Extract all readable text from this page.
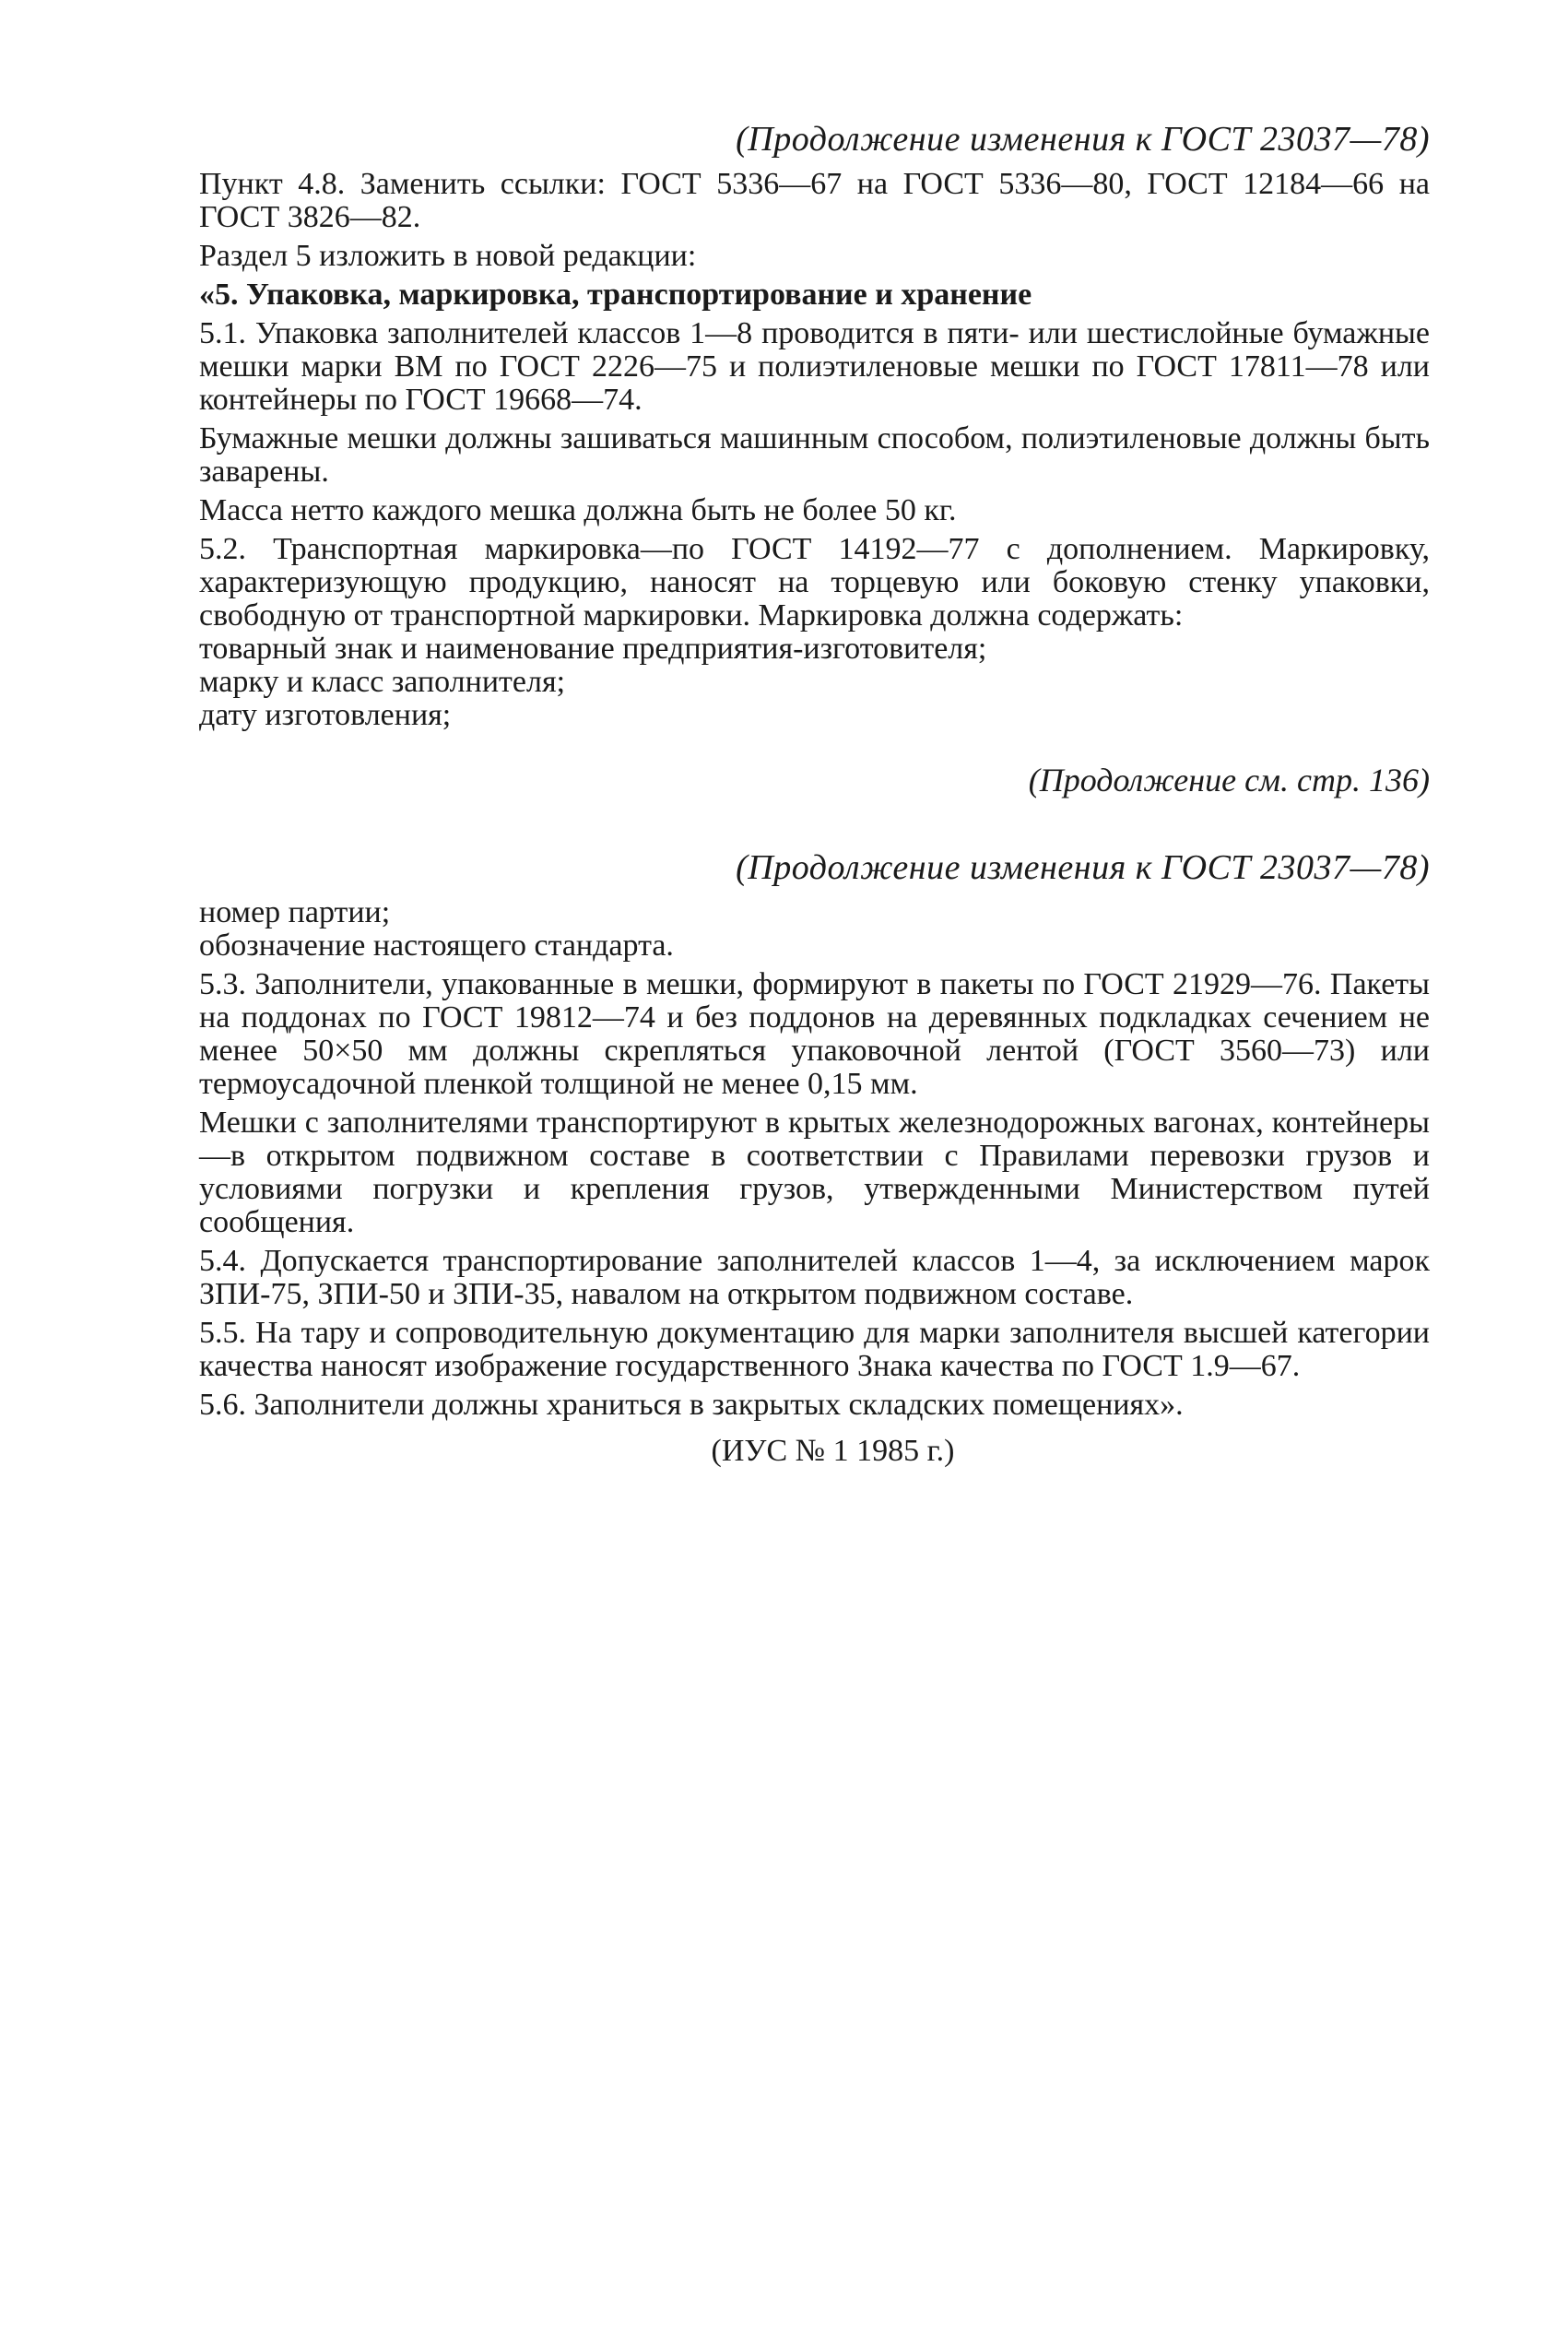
(Продолжение изменения к ГОСТ 23037—78)

Пункт 4.8. Заменить ссылки: ГОСТ 5336—67 на ГОСТ 5336—80, ГОСТ 12184—66 на ГОСТ 3826—82.

Раздел 5 изложить в новой редакции:

«5. Упаковка, маркировка, транспортирование и хранение

5.1. Упаковка заполнителей классов 1—8 проводится в пяти- или шестислойные бумажные мешки марки ВМ по ГОСТ 2226—75 и полиэтиленовые мешки по ГОСТ 17811—78 или контейнеры по ГОСТ 19668—74.

Бумажные мешки должны зашиваться машинным способом, полиэтиленовые должны быть заварены.

Масса нетто каждого мешка должна быть не более 50 кг.

5.2. Транспортная маркировка—по ГОСТ 14192—77 с дополнением. Маркировку, характеризующую продукцию, наносят на торцевую или боковую стенку упаковки, свободную от транспортной маркировки. Маркировка должна содержать:

товарный знак и наименование предприятия-изготовителя;

марку и класс заполнителя;

дату изготовления;

(Продолжение см. стр. 136)
(Продолжение изменения к ГОСТ 23037—78)

номер партии;

обозначение настоящего стандарта.

5.3. Заполнители, упакованные в мешки, формируют в пакеты по ГОСТ 21929—76. Пакеты на поддонах по ГОСТ 19812—74 и без поддонов на деревянных подкладках сечением не менее 50×50 мм должны скрепляться упаковочной лентой (ГОСТ 3560—73) или термоусадочной пленкой толщиной не менее 0,15 мм.

Мешки с заполнителями транспортируют в крытых железнодорожных вагонах, контейнеры—в открытом подвижном составе в соответствии с Правилами перевозки грузов и условиями погрузки и крепления грузов, утвержденными Министерством путей сообщения.

5.4. Допускается транспортирование заполнителей классов 1—4, за исключением марок ЗПИ-75, ЗПИ-50 и ЗПИ-35, навалом на открытом подвижном составе.

5.5. На тару и сопроводительную документацию для марки заполнителя высшей категории качества наносят изображение государственного Знака качества по ГОСТ 1.9—67.

5.6. Заполнители должны храниться в закрытых складских помещениях».

(ИУС № 1 1985 г.)
